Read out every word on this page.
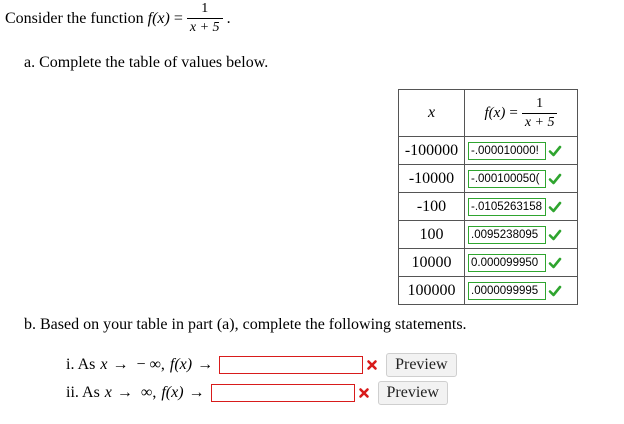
Consider the function $f(x) = \frac{1}{x + 5}$ .
a. Complete the table of values below.
x	$f(x) = \frac{1}{x + 5}$

-100000	-.000010000!

-10000	-.000100050(

-100	-.0105263158

100	.0095238095

10000	0.000099950

100000	.0000099995
b. Based on your table in part (a), complete the following statements.
i. As x → − ∞, f(x) →	Preview
ii. As x → ∞, f(x) →	Preview
